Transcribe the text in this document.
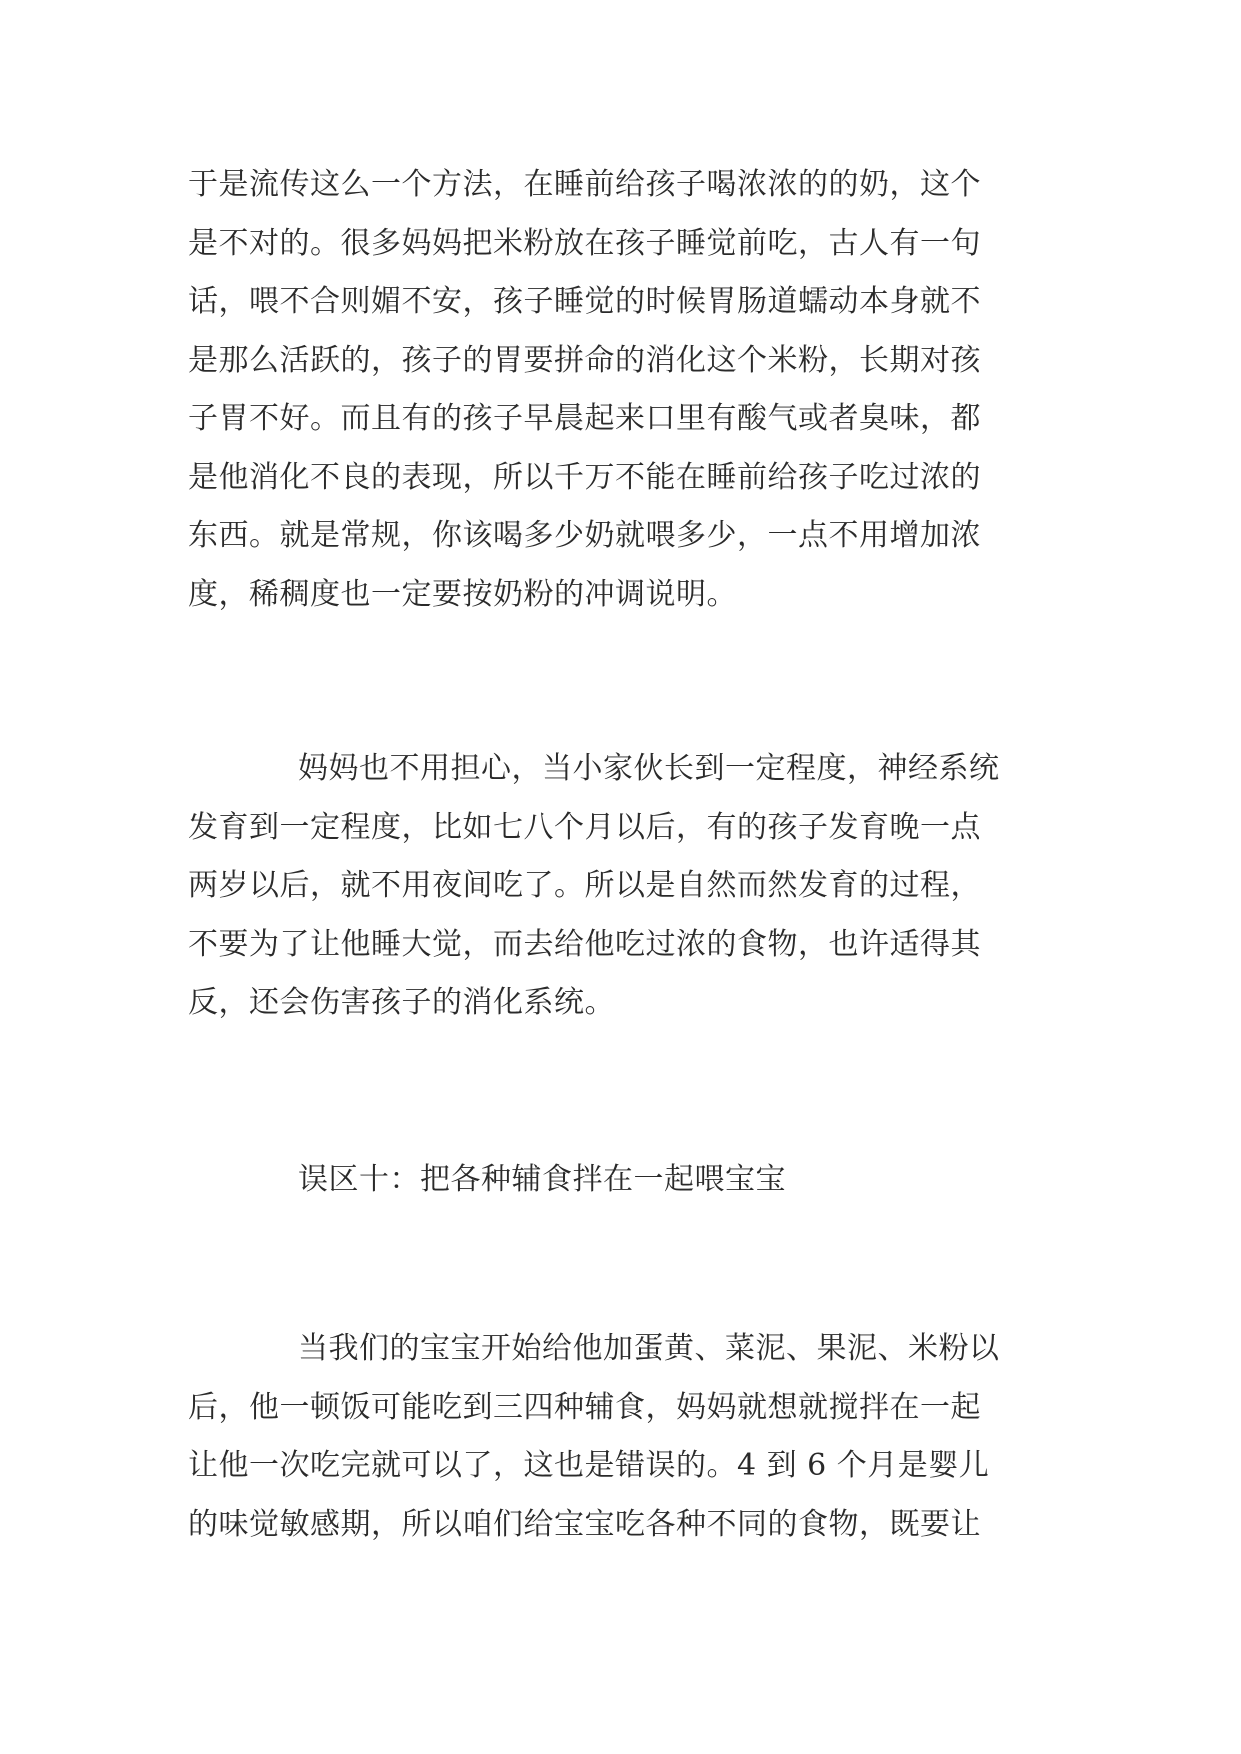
于是流传这么一个方法，在睡前给孩子喝浓浓的的奶，这个
是不对的。很多妈妈把米粉放在孩子睡觉前吃，古人有一句
话，喂不合则媚不安，孩子睡觉的时候胃肠道蠕动本身就不
是那么活跃的，孩子的胃要拼命的消化这个米粉，长期对孩
子胃不好。而且有的孩子早晨起来口里有酸气或者臭味，都
是他消化不良的表现，所以千万不能在睡前给孩子吃过浓的
东西。就是常规，你该喝多少奶就喂多少，一点不用增加浓
度，稀稠度也一定要按奶粉的冲调说明。
妈妈也不用担心，当小家伙长到一定程度，神经系统
发育到一定程度，比如七八个月以后，有的孩子发育晚一点
两岁以后，就不用夜间吃了。所以是自然而然发育的过程，
不要为了让他睡大觉，而去给他吃过浓的食物，也许适得其
反，还会伤害孩子的消化系统。
误区十：把各种辅食拌在一起喂宝宝
当我们的宝宝开始给他加蛋黄、菜泥、果泥、米粉以
后，他一顿饭可能吃到三四种辅食，妈妈就想就搅拌在一起
让他一次吃完就可以了，这也是错误的。4 到 6 个月是婴儿
的味觉敏感期，所以咱们给宝宝吃各种不同的食物，既要让
